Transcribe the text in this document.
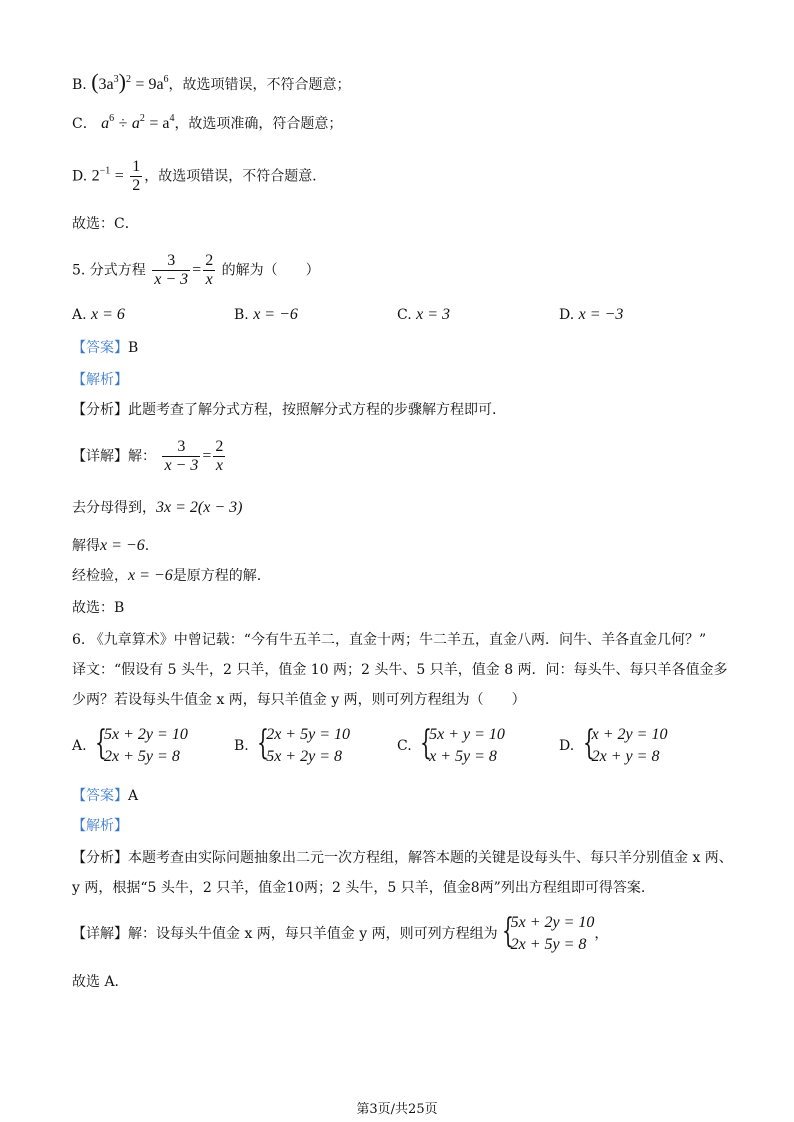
B. $(3a^3)^2 = 9a^6$，故选项错误，不符合题意；
C． $a^6 \div a^2 = a^4$，故选项准确，符合题意；
D. $2^{-1} = \frac{1}{2}$ ，故选项错误，不符合题意．
故选：C．
5. 分式方程 $\frac{3}{x - 3} = \frac{2}{x}$ 的解为（　　）
A. x = 6	B. x = −6	C. x = 3	D. x = −3
【答案】B
【解析】
【分析】此题考查了解分式方程，按照解分式方程的步骤解方程即可.
【详解】解： $\frac{3}{x - 3} = \frac{2}{x}$
去分母得到，3x = 2(x − 3)
解得x = −6.
经检验，x = −6是原方程的解.
故选：B
6. 《九章算术》中曾记载：“今有牛五羊二，直金十两；牛二羊五，直金八两．问牛、羊各直金几何？”
译文：“假设有 5 头牛，2 只羊，值金 10 两；2 头牛、5 只羊，值金 8 两．问：每头牛、每只羊各值金多
少两？若设每头牛值金 x 两，每只羊值金 y 两，则可列方程组为（　　）
A. {
5x + 2y = 10
2x + 5y = 8
B. {
2x + 5y = 10
5x + 2y = 8
C. {
5x + y = 10
x + 5y = 8
D. {
x + 2y = 10
2x + y = 8
【答案】A
【解析】
【分析】本题考查由实际问题抽象出二元一次方程组，解答本题的关键是设每头牛、每只羊分别值金 x 两、
y 两，根据“5 头牛，2 只羊，值金10两；2 头牛，5 只羊，值金8两”列出方程组即可得答案.
【详解】解：设每头牛值金 x 两，每只羊值金 y 两，则可列方程组为 {
5x + 2y = 10
2x + 5y = 8
，
故选 A．
第3页/共25页
